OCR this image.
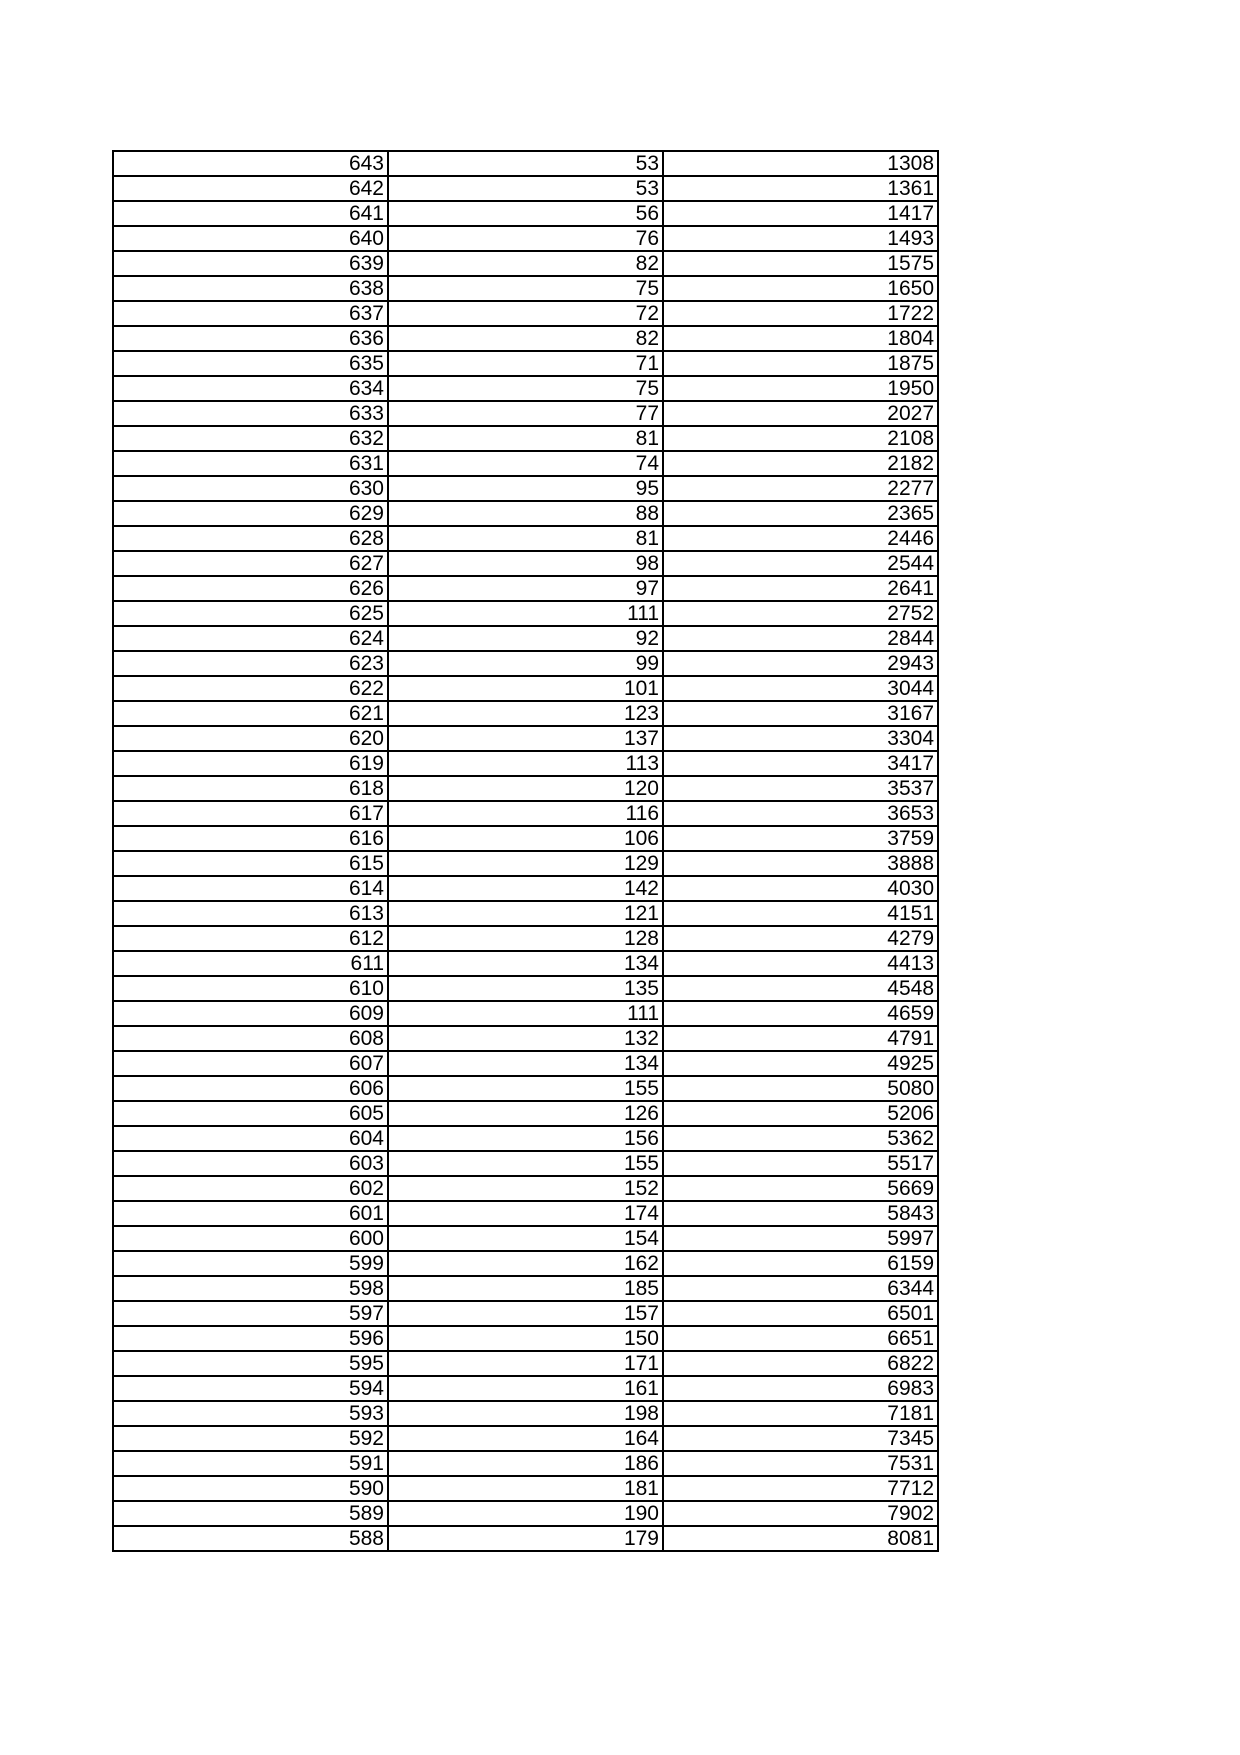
643	53	1308
642	53	1361
641	56	1417
640	76	1493
639	82	1575
638	75	1650
637	72	1722
636	82	1804
635	71	1875
634	75	1950
633	77	2027
632	81	2108
631	74	2182
630	95	2277
629	88	2365
628	81	2446
627	98	2544
626	97	2641
625	111	2752
624	92	2844
623	99	2943
622	101	3044
621	123	3167
620	137	3304
619	113	3417
618	120	3537
617	116	3653
616	106	3759
615	129	3888
614	142	4030
613	121	4151
612	128	4279
611	134	4413
610	135	4548
609	111	4659
608	132	4791
607	134	4925
606	155	5080
605	126	5206
604	156	5362
603	155	5517
602	152	5669
601	174	5843
600	154	5997
599	162	6159
598	185	6344
597	157	6501
596	150	6651
595	171	6822
594	161	6983
593	198	7181
592	164	7345
591	186	7531
590	181	7712
589	190	7902
588	179	8081
